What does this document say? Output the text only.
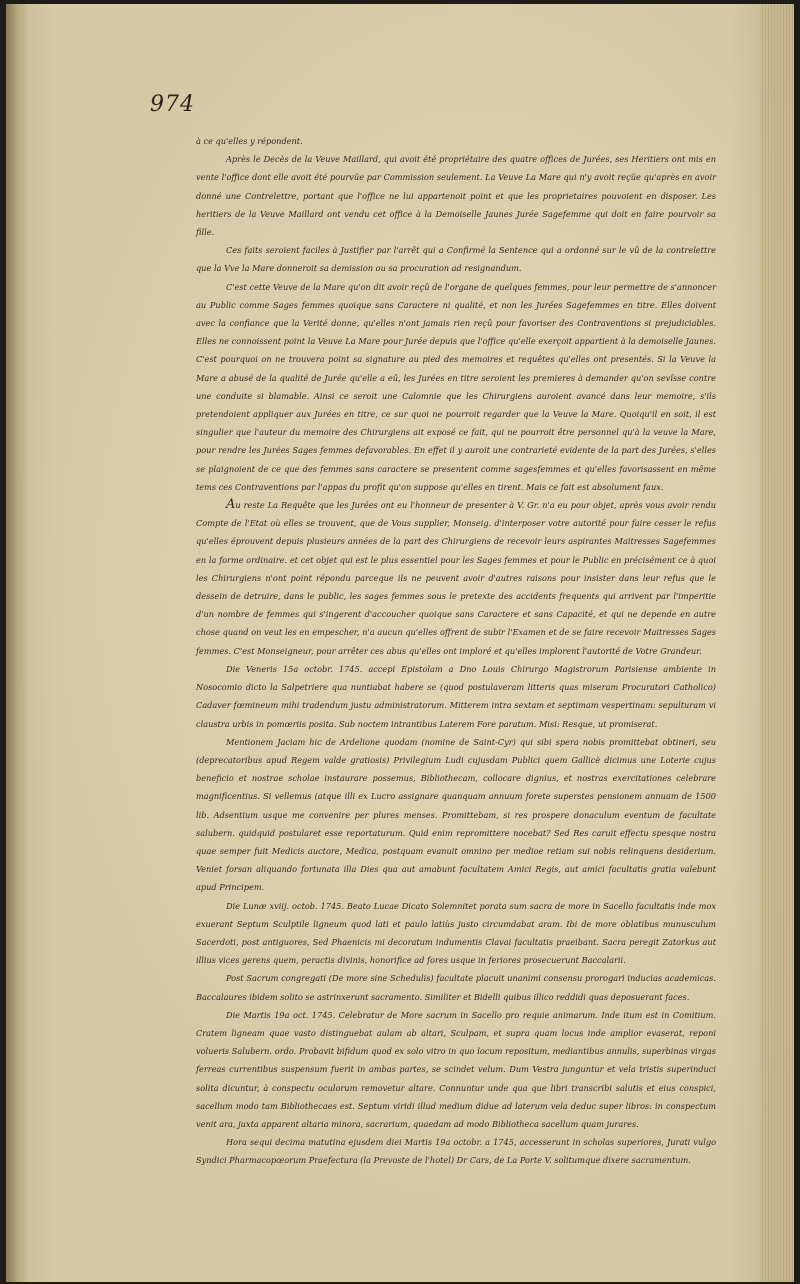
974

à ce qu'elles y répondent.

Après le Decès de la Veuve Maillard, qui avoit été propriétaire des quatre offices de Jurées, ses Heritiers ont mis en vente l'office dont elle avoit été pourvüe par Commission seulement. La Veuve La Mare qui n'y avoit reçüe qu'après en avoir donné une Contrelettre, portant que l'office ne lui appartenoit point et que les proprietaires pouvoient en disposer. Les heritiers de la Veuve Maillard ont vendu cet office à la Demoiselle Jaunes Jurée Sagefemme qui doit en faire pourvoir sa fille.

Ces faits seroient faciles à Justifier par l'arrêt qui a Confirmé la Sentence qui a ordonné sur le vû de la contrelettre que la Vve la Mare donneroit sa demission ou sa procuration ad resignandum.

C'est cette Veuve de la Mare qu'on dit avoir reçû de l'organe de quelques femmes, pour leur permettre de s'annoncer au Public comme Sages femmes quoique sans Caractere ni qualité, et non les Jurées Sagefemmes en titre. Elles doivent avec la confiance que la Verité donne, qu'elles n'ont jamais rien reçû pour favoriser des Contraventions si prejudiciables. Elles ne connoissent point la Veuve La Mare pour Jurée depuis que l'office qu'elle exerçoit appartient à la demoiselle Jaunes. C'est pourquoi on ne trouvera point sa signature au pied des memoires et requêtes qu'elles ont presentés. Si la Veuve la Mare a abusé de la qualité de Jurée qu'elle a eû, les Jurées en titre seroient les premieres à demander qu'on sevîsse contre une conduite si blamable. Ainsi ce seroit une Calomnie que les Chirurgiens auroient avancé dans leur memoire, s'ils pretendoient appliquer aux Jurées en titre, ce sur quoi ne pourroit regarder que la Veuve la Mare. Quoiqu'il en soit, il est singulier que l'auteur du memoire des Chirurgiens ait exposé ce fait, qui ne pourroit être personnel qu'à la veuve la Mare, pour rendre les Jurées Sages femmes defavorables. En effet il y auroit une contrarieté evidente de la part des Jurées, s'elles se plaignoient de ce que des femmes sans caractere se presentent comme sagesfemmes et qu'elles favorisassent en même tems ces Contraventions par l'appas du profit qu'on suppose qu'elles en tirent. Mais ce fait est absolument faux.

Au reste La Requête que les Jurées ont eu l'honneur de presenter à V. Gr. n'a eu pour objet, après vous avoir rendu Compte de l'Etat où elles se trouvent, que de Vous supplier, Monseig. d'interposer votre autorité pour faire cesser le refus qu'elles éprouvent depuis plusieurs années de la part des Chirurgiens de recevoir leurs aspirantes Maitresses Sagefemmes en la forme ordinaire. et cet objet qui est le plus essentiel pour les Sages femmes et pour le Public en précisément ce à quoi les Chirurgiens n'ont point répondu parceque ils ne peuvent avoir d'autres raisons pour insister dans leur refus que le dessein de detruire, dans le public, les sages femmes sous le pretexte des accidents frequents qui arrivent par l'imperitie d'un nombre de femmes qui s'ingerent d'accoucher quoique sans Caractere et sans Capacité, et qui ne depende en autre chose quand on veut les en empescher, n'a aucun qu'elles offrent de subir l'Examen et de se faire recevoir Maitresses Sages femmes. C'est Monseigneur, pour arrêter ces abus qu'elles ont imploré et qu'elles implorent l'autorité de Votre Grandeur.

Die Veneris 15a octobr. 1745. accepi Epistolam a Dno Louis Chirurgo Magistrorum Parisiense ambiente in Nosocomio dicto la Salpetriere qua nuntiabat habere se (quod postulaveram litteris quas miseram Procuratori Catholico) Cadaver fœmineum mihi tradendum justu administratorum. Mitterem intra sextam et septimam vespertinam: sepulturam vi claustra urbis in pomœriis posita. Sub noctem intrantibus Laterem Fore paratum. Misi: Resque, ut promiserat.

Mentionem Jaciam hic de Ardelione quodam (nomine de Saint-Cyr) qui sibi spera nobis promittebat obtineri, seu (deprecatoribus apud Regem valde gratiosis) Privilegium Ludi cujusdam Publici quem Gallicè dicimus une Loterie cujus beneficio et nostrae scholae instaurare possemus, Bibliothecam, collocare dignius, et nostras exercitationes celebrare magnificentius. Si vellemus (atque illi ex Lucro assignare quanquam annuum forete superstes pensionem annuam de 1500 lib. Adsentium usque me convenire per plures menses. Promittebam, si res prospere donaculum eventum de facultate salubern. quidquid postularet esse reportaturum. Quid enim repromittere nocebat? Sed Res caruit effectu spesque nostra quae semper fuit Medicis auctore, Medica, postquam evanuit omnino per medioe retiam sui nobis relinquens desiderium. Veniet forsan aliquando fortunata illa Dies qua aut amabunt facultatem Amici Regis, aut amici facultatis gratia valebunt apud Principem.

Die Lunæ xviij. octob. 1745. Beato Lucae Dicato Solemnitet porata sum sacra de more in Sacello facultatis inde mox exuerant Septum Sculptile ligneum quod lati et paulo latiùs justo circumdabat aram. Ibi de more oblatibus munusculum Sacerdoti, post antiguores, Sed Phaenicis mi decoratum indumentis Clavai facultatis praeibant. Sacra peregit Zatorkus aut illius vices gerens quem, peractis divinis, honorifice ad fores usque in feriores prosecuerunt Baccalarii.

Post Sacrum congregati (De more sine Schedulis) facultate placuit unanimi consensu prorogari inducias academicas. Baccalaures ibidem solito se astrinxerunt sacramento. Similiter et Bidelli quibus illico reddidi quas deposuerant faces.

Die Martis 19a oct. 1745. Celebratur de More sacrum in Sacello pro requie animarum. Inde itum est in Comitium. Cratem ligneam quae vasto distinguebat aulam ab altari, Sculpam, et supra quam locus inde amplior evaserat, reponi volueris Salubern. ordo. Probavit bifidum quod ex solo vitro in quo locum repositum, mediantibus annulis, superbinas virgas ferreas currentibus suspensum fuerit in ambas partes, se scindet velum. Dum Vestra junguntur et vela tristis superinduci solita dicuntur, à conspectu oculorum removetur altare. Connuntur unde qua que libri transcribi salutis et eius conspici, sacellum modo tam Bibliothecaes est. Septum viridi illud medium didue ad laterum vela deduc super libros: in conspectum venit ara, juxta apparent altaria minora, sacrarium, quaedam ad modo Bibliotheca sacellum quam jurares.

Hora sequi decima matutina ejusdem diei Martis 19a octobr. a 1745, accesserunt in scholas superiores, Jurati vulgo Syndici Pharmacopœorum Praefectura (la Prevoste de l'hotel) Dr Cars, de La Porte V. solitumque dixere sacramentum.
